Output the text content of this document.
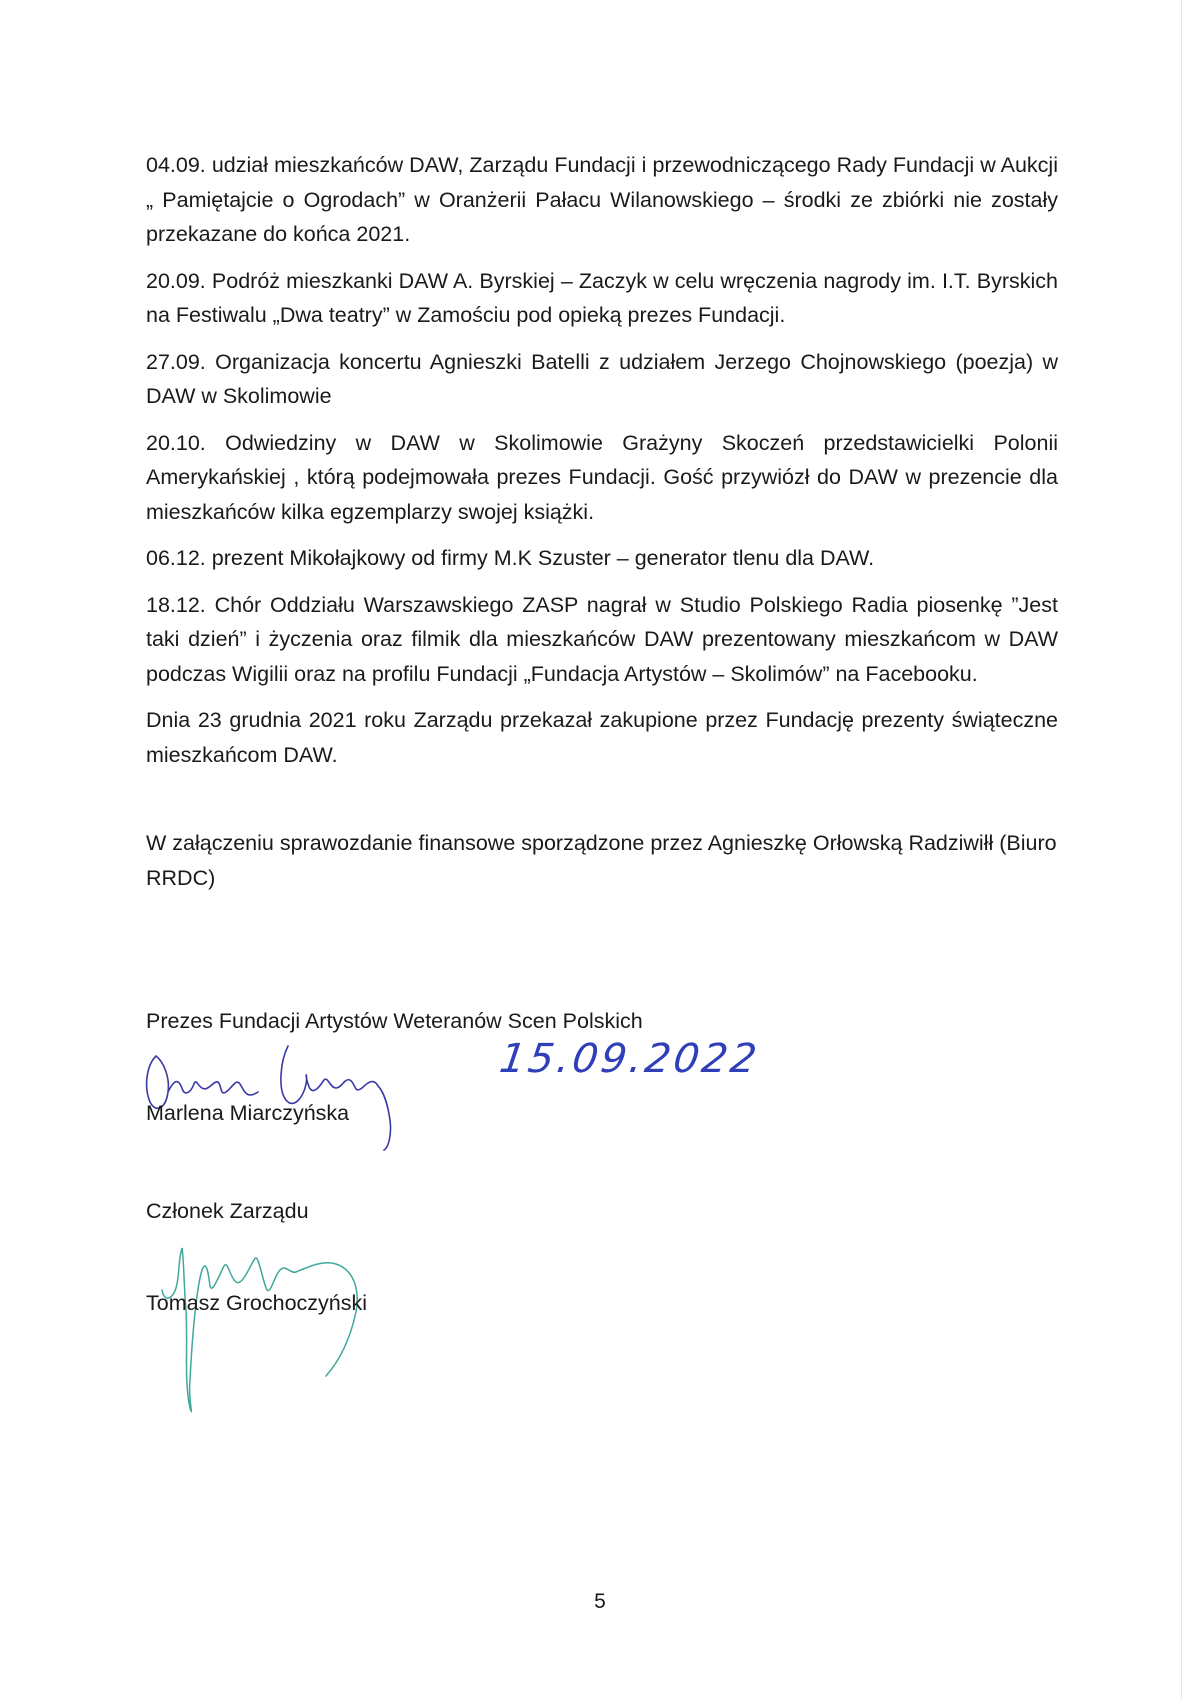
04.09. udział mieszkańców DAW, Zarządu Fundacji i przewodniczącego Rady Fundacji w Aukcji „ Pamiętajcie o Ogrodach” w Oranżerii Pałacu Wilanowskiego – środki ze zbiórki nie zostały przekazane do końca 2021.

20.09. Podróż mieszkanki DAW A. Byrskiej – Zaczyk w celu wręczenia nagrody im. I.T. Byrskich na Festiwalu „Dwa teatry” w Zamościu pod opieką prezes Fundacji.

27.09. Organizacja koncertu Agnieszki Batelli z udziałem Jerzego Chojnowskiego (poezja) w DAW w Skolimowie

20.10. Odwiedziny w DAW w Skolimowie Grażyny Skoczeń przedstawicielki Polonii Amerykańskiej , którą podejmowała prezes Fundacji. Gość przywiózł do DAW w prezencie dla mieszkańców kilka egzemplarzy swojej książki.

06.12. prezent Mikołajkowy od firmy M.K Szuster – generator tlenu dla DAW.

18.12. Chór Oddziału Warszawskiego ZASP nagrał w Studio Polskiego Radia piosenkę ”Jest taki dzień” i życzenia oraz filmik dla mieszkańców DAW prezentowany mieszkańcom w DAW podczas Wigilii oraz na profilu Fundacji „Fundacja Artystów – Skolimów” na Facebooku.

Dnia 23 grudnia 2021 roku Zarządu przekazał zakupione przez Fundację prezenty świąteczne mieszkańcom DAW.

W załączeniu sprawozdanie finansowe sporządzone przez Agnieszkę Orłowską Radziwiłł (Biuro RRDC)

Prezes Fundacji Artystów Weteranów Scen Polskich

15.09.2022

Marlena Miarczyńska

Członek Zarządu

Tomasz Grochoczyński

5
